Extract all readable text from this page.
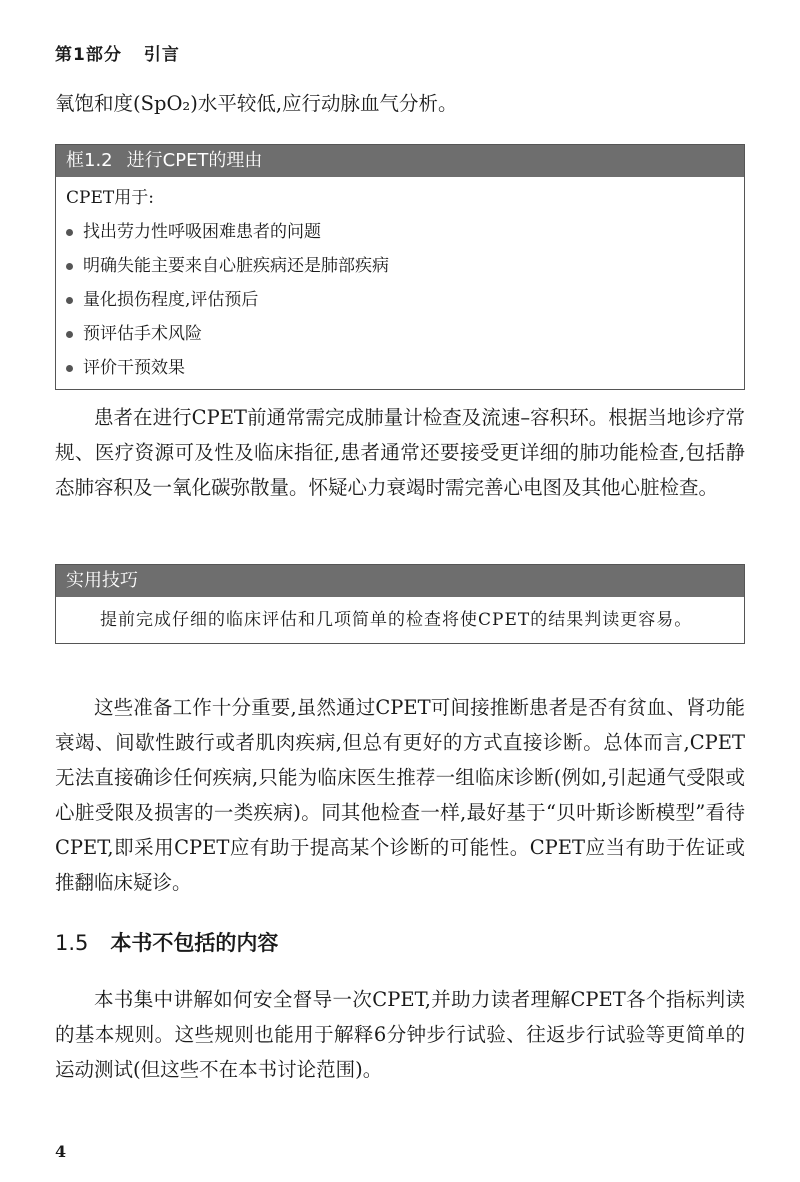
第1部分 引言

氧饱和度(SpO₂)水平较低,应行动脉血气分析。

框1.2 进行CPET的理由
CPET用于:
找出劳力性呼吸困难患者的问题
明确失能主要来自心脏疾病还是肺部疾病
量化损伤程度,评估预后
预评估手术风险
评价干预效果

患者在进行CPET前通常需完成肺量计检查及流速–容积环。根据当地诊疗常规、医疗资源可及性及临床指征,患者通常还要接受更详细的肺功能检查,包括静态肺容积及一氧化碳弥散量。怀疑心力衰竭时需完善心电图及其他心脏检查。

实用技巧
提前完成仔细的临床评估和几项简单的检查将使CPET的结果判读更容易。

这些准备工作十分重要,虽然通过CPET可间接推断患者是否有贫血、肾功能衰竭、间歇性跛行或者肌肉疾病,但总有更好的方式直接诊断。总体而言,CPET无法直接确诊任何疾病,只能为临床医生推荐一组临床诊断(例如,引起通气受限或心脏受限及损害的一类疾病)。同其他检查一样,最好基于“贝叶斯诊断模型”看待CPET,即采用CPET应有助于提高某个诊断的可能性。CPET应当有助于佐证或推翻临床疑诊。

1.5 本书不包括的内容

本书集中讲解如何安全督导一次CPET,并助力读者理解CPET各个指标判读的基本规则。这些规则也能用于解释6分钟步行试验、往返步行试验等更简单的运动测试(但这些不在本书讨论范围)。

4
